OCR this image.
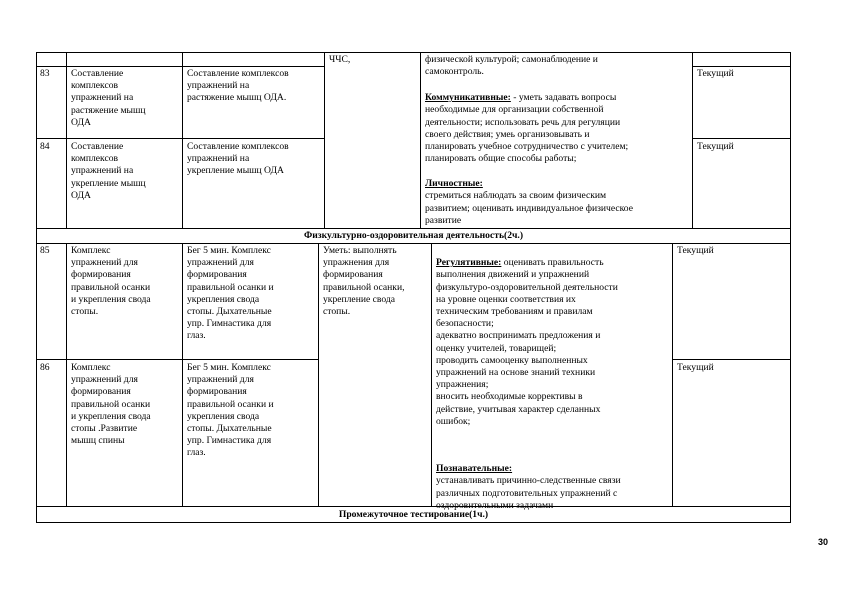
ЧЧС,	физической культурой; самонаблюдение и
самоконтроль.

83 Составление
комплексов
упражнений на
растяжение мышц
ОДА

Составление комплексов
упражнений на
растяжение мышц ОДА.

Текущий

84 Составление
комплексов
упражнений на
укрепление мышц
ОДА

Составление комплексов
упражнений на
укрепление мышц ОДА

Текущий

Коммуникативные: - уметь задавать вопросы
необходимые для организации собственной
деятельности; использовать речь для регуляции
своего действия; умеь организовывать и
планировать учебное сотрудничество с учителем;
планировать общие способы работы;

Личностные:
стремиться наблюдать за своим физическим
развитием; оценивать индивидуальное физическое
развитие

Физкультурно-оздоровительная деятельность(2ч.)

85 Комплекс
упражнений для
формирования
правильной осанки
и укрепления свода
стопы.

Бег 5 мин. Комплекс
упражнений для
формирования
правильной осанки и
укрепления свода
стопы. Дыхательные
упр. Гимнастика для
глаз.

Текущий

86 Комплекс
упражнений для
формирования
правильной осанки
и укрепления свода
стопы .Развитие
мышц спины

Бег 5 мин. Комплекс
упражнений для
формирования
правильной осанки и
укрепления свода
стопы. Дыхательные
упр. Гимнастика для
глаз.

Текущий

Уметь: выполнять
упражнения для
формирования
правильной осанки,
укрепление свода
стопы.

Регулятивные: оценивать правильность
выполнения движений и упражнений
физкультуро-оздоровительной деятельности
на уровне оценки соответствия их
техническим требованиям и правилам
безопасности;
адекватно воспринимать предложения и
оценку учителей, товарищей;
проводить самооценку выполненных
упражнений на основе знаний техники
упражнения;
вносить необходимые коррективы в
действие, учитывая характер сделанных
ошибок;

Познавательные:
устанавливать причинно-следственные связи
различных подготовительных упражнений с
оздоровительными задачами

Промежуточное тестирование(1ч.)
30
